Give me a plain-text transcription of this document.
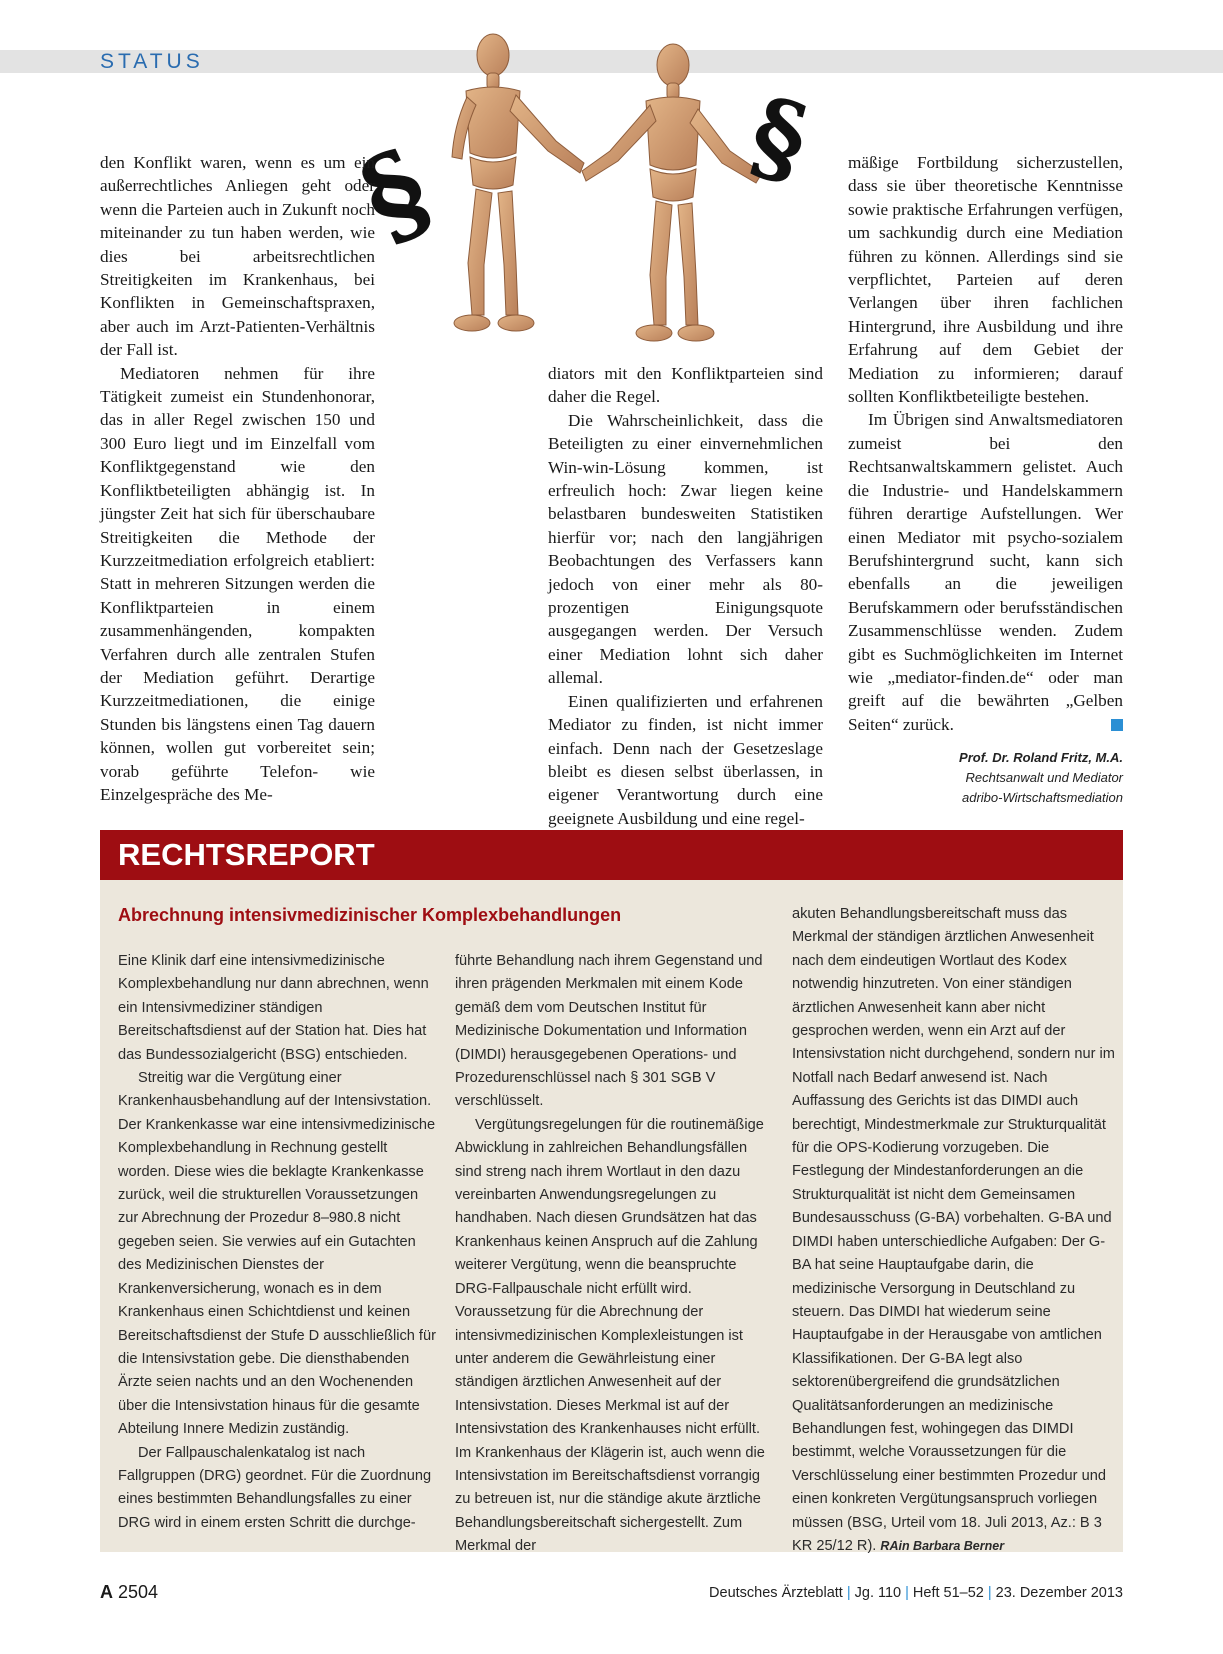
STATUS
§	§

den Konflikt waren, wenn es um ein außerrechtliches Anliegen geht oder wenn die Parteien auch in Zukunft noch miteinander zu tun haben werden, wie dies bei arbeitsrechtlichen Streitigkeiten im Krankenhaus, bei Konflikten in Gemeinschaftspraxen, aber auch im Arzt-Patienten-Verhältnis der Fall ist.

Mediatoren nehmen für ihre Tätigkeit zumeist ein Stundenhonorar, das in aller Regel zwischen 150 und 300 Euro liegt und im Einzelfall vom Konfliktgegenstand wie den Konfliktbeteiligten abhängig ist. In jüngster Zeit hat sich für überschaubare Streitigkeiten die Methode der Kurzzeitmediation erfolgreich etabliert: Statt in mehreren Sitzungen werden die Konfliktparteien in einem zusammenhängenden, kompakten Verfahren durch alle zentralen Stufen der Mediation geführt. Derartige Kurzzeitmediationen, die einige Stunden bis längstens einen Tag dauern können, wollen gut vorbereitet sein; vorab geführte Telefon- wie Einzelgespräche des Me-

diators mit den Konfliktparteien sind daher die Regel.

Die Wahrscheinlichkeit, dass die Beteiligten zu einer einvernehmlichen Win-win-Lösung kommen, ist erfreulich hoch: Zwar liegen keine belastbaren bundesweiten Statistiken hierfür vor; nach den langjährigen Beobachtungen des Verfassers kann jedoch von einer mehr als 80-prozentigen Einigungsquote ausgegangen werden. Der Versuch einer Mediation lohnt sich daher allemal.

Einen qualifizierten und erfahrenen Mediator zu finden, ist nicht immer einfach. Denn nach der Gesetzeslage bleibt es diesen selbst überlassen, in eigener Verantwortung durch eine geeignete Ausbildung und eine regel-

mäßige Fortbildung sicherzustellen, dass sie über theoretische Kenntnisse sowie praktische Erfahrungen verfügen, um sachkundig durch eine Mediation führen zu können. Allerdings sind sie verpflichtet, Parteien auf deren Verlangen über ihren fachlichen Hintergrund, ihre Ausbildung und ihre Erfahrung auf dem Gebiet der Mediation zu informieren; darauf sollten Konfliktbeteiligte bestehen.

Im Übrigen sind Anwaltsmediatoren zumeist bei den Rechtsanwaltskammern gelistet. Auch die Industrie- und Handelskammern führen derartige Aufstellungen. Wer einen Mediator mit psycho-sozialem Berufshintergrund sucht, kann sich ebenfalls an die jeweiligen Berufskammern oder berufsständischen Zusammenschlüsse wenden. Zudem gibt es Suchmöglichkeiten im Internet wie „mediator-finden.de“ oder man greift auf die bewährten „Gelben Seiten“ zurück.

Prof. Dr. Roland Fritz, M.A.
Rechtsanwalt und Mediator
adribo-Wirtschaftsmediation
RECHTSREPORT
Abrechnung intensivmedizinischer Komplexbehandlungen

Eine Klinik darf eine intensivmedizinische Komplexbehandlung nur dann abrechnen, wenn ein Intensivmediziner ständigen Bereitschaftsdienst auf der Station hat. Dies hat das Bundessozialgericht (BSG) entschieden.

Streitig war die Vergütung einer Krankenhausbehandlung auf der Intensivstation. Der Krankenkasse war eine intensivmedizinische Komplexbehandlung in Rechnung gestellt worden. Diese wies die beklagte Krankenkasse zurück, weil die strukturellen Voraussetzungen zur Abrechnung der Prozedur 8–980.8 nicht gegeben seien. Sie verwies auf ein Gutachten des Medizinischen Dienstes der Krankenversicherung, wonach es in dem Krankenhaus einen Schichtdienst und keinen Bereitschaftsdienst der Stufe D ausschließlich für die Intensivstation gebe. Die diensthabenden Ärzte seien nachts und an den Wochenenden über die Intensivstation hinaus für die gesamte Abteilung Innere Medizin zuständig.

Der Fallpauschalenkatalog ist nach Fallgruppen (DRG) geordnet. Für die Zuordnung eines bestimmten Behandlungsfalles zu einer DRG wird in einem ersten Schritt die durchge-

führte Behandlung nach ihrem Gegenstand und ihren prägenden Merkmalen mit einem Kode gemäß dem vom Deutschen Institut für Medizinische Dokumentation und Information (DIMDI) herausgegebenen Operations- und Prozedurenschlüssel nach § 301 SGB V verschlüsselt.

Vergütungsregelungen für die routinemäßige Abwicklung in zahlreichen Behandlungsfällen sind streng nach ihrem Wortlaut in den dazu vereinbarten Anwendungsregelungen zu handhaben. Nach diesen Grundsätzen hat das Krankenhaus keinen Anspruch auf die Zahlung weiterer Vergütung, wenn die beanspruchte DRG-Fallpauschale nicht erfüllt wird. Voraussetzung für die Abrechnung der intensivmedizinischen Komplexleistungen ist unter anderem die Gewährleistung einer ständigen ärztlichen Anwesenheit auf der Intensivstation. Dieses Merkmal ist auf der Intensivstation des Krankenhauses nicht erfüllt. Im Krankenhaus der Klägerin ist, auch wenn die Intensivstation im Bereitschaftsdienst vorrangig zu betreuen ist, nur die ständige akute ärztliche Behandlungsbereitschaft sichergestellt. Zum Merkmal der

akuten Behandlungsbereitschaft muss das Merkmal der ständigen ärztlichen Anwesenheit nach dem eindeutigen Wortlaut des Kodex notwendig hinzutreten. Von einer ständigen ärztlichen Anwesenheit kann aber nicht gesprochen werden, wenn ein Arzt auf der Intensivstation nicht durchgehend, sondern nur im Notfall nach Bedarf anwesend ist. Nach Auffassung des Gerichts ist das DIMDI auch berechtigt, Mindestmerkmale zur Strukturqualität für die OPS-Kodierung vorzugeben. Die Festlegung der Mindestanforderungen an die Strukturqualität ist nicht dem Gemeinsamen Bundesausschuss (G-BA) vorbehalten. G-BA und DIMDI haben unterschiedliche Aufgaben: Der G-BA hat seine Hauptaufgabe darin, die medizinische Versorgung in Deutschland zu steuern. Das DIMDI hat wiederum seine Hauptaufgabe in der Herausgabe von amtlichen Klassifikationen. Der G-BA legt also sektorenübergreifend die grundsätzlichen Qualitätsanforderungen an medizinische Behandlungen fest, wohingegen das DIMDI bestimmt, welche Voraussetzungen für die Verschlüsselung einer bestimmten Prozedur und einen konkreten Vergütungsanspruch vorliegen müssen (BSG, Urteil vom 18. Juli 2013, Az.: B 3 KR 25/12 R). RAin Barbara Berner

A 2504	Deutsches Ärzteblatt | Jg. 110 | Heft 51–52 | 23. Dezember 2013
